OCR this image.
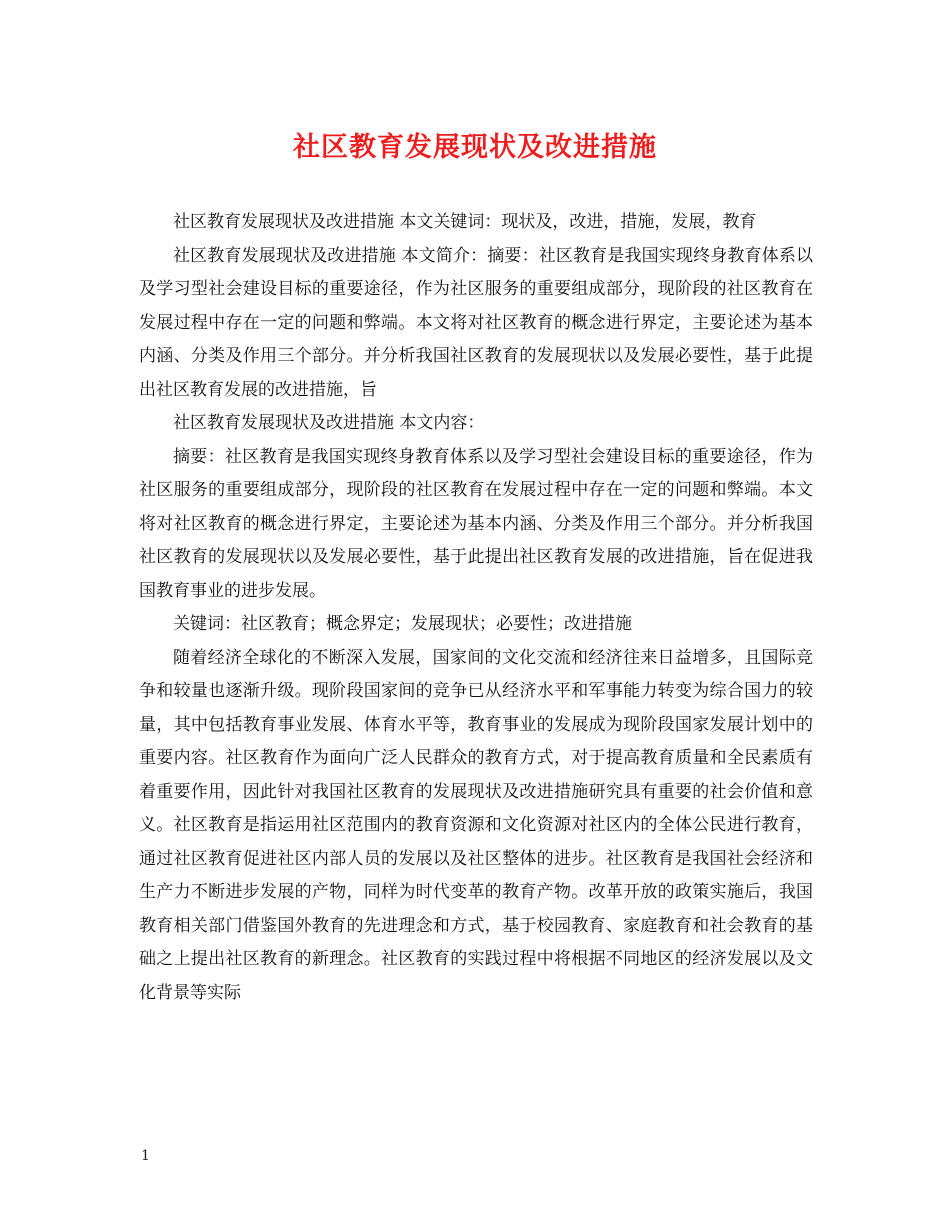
社区教育发展现状及改进措施

社区教育发展现状及改进措施 本文关键词：现状及，改进，措施，发展，教育

社区教育发展现状及改进措施 本文简介：摘要：社区教育是我国实现终身教育体系以及学习型社会建设目标的重要途径，作为社区服务的重要组成部分，现阶段的社区教育在发展过程中存在一定的问题和弊端。本文将对社区教育的概念进行界定，主要论述为基本内涵、分类及作用三个部分。并分析我国社区教育的发展现状以及发展必要性，基于此提出社区教育发展的改进措施，旨

社区教育发展现状及改进措施 本文内容：

摘要：社区教育是我国实现终身教育体系以及学习型社会建设目标的重要途径，作为社区服务的重要组成部分，现阶段的社区教育在发展过程中存在一定的问题和弊端。本文将对社区教育的概念进行界定，主要论述为基本内涵、分类及作用三个部分。并分析我国社区教育的发展现状以及发展必要性，基于此提出社区教育发展的改进措施，旨在促进我国教育事业的进步发展。

关键词：社区教育；概念界定；发展现状；必要性；改进措施

随着经济全球化的不断深入发展，国家间的文化交流和经济往来日益增多，且国际竞争和较量也逐渐升级。现阶段国家间的竞争已从经济水平和军事能力转变为综合国力的较量，其中包括教育事业发展、体育水平等，教育事业的发展成为现阶段国家发展计划中的重要内容。社区教育作为面向广泛人民群众的教育方式，对于提高教育质量和全民素质有着重要作用，因此针对我国社区教育的发展现状及改进措施研究具有重要的社会价值和意义。社区教育是指运用社区范围内的教育资源和文化资源对社区内的全体公民进行教育，通过社区教育促进社区内部人员的发展以及社区整体的进步。社区教育是我国社会经济和生产力不断进步发展的产物，同样为时代变革的教育产物。改革开放的政策实施后，我国教育相关部门借鉴国外教育的先进理念和方式，基于校园教育、家庭教育和社会教育的基础之上提出社区教育的新理念。社区教育的实践过程中将根据不同地区的经济发展以及文化背景等实际

1
